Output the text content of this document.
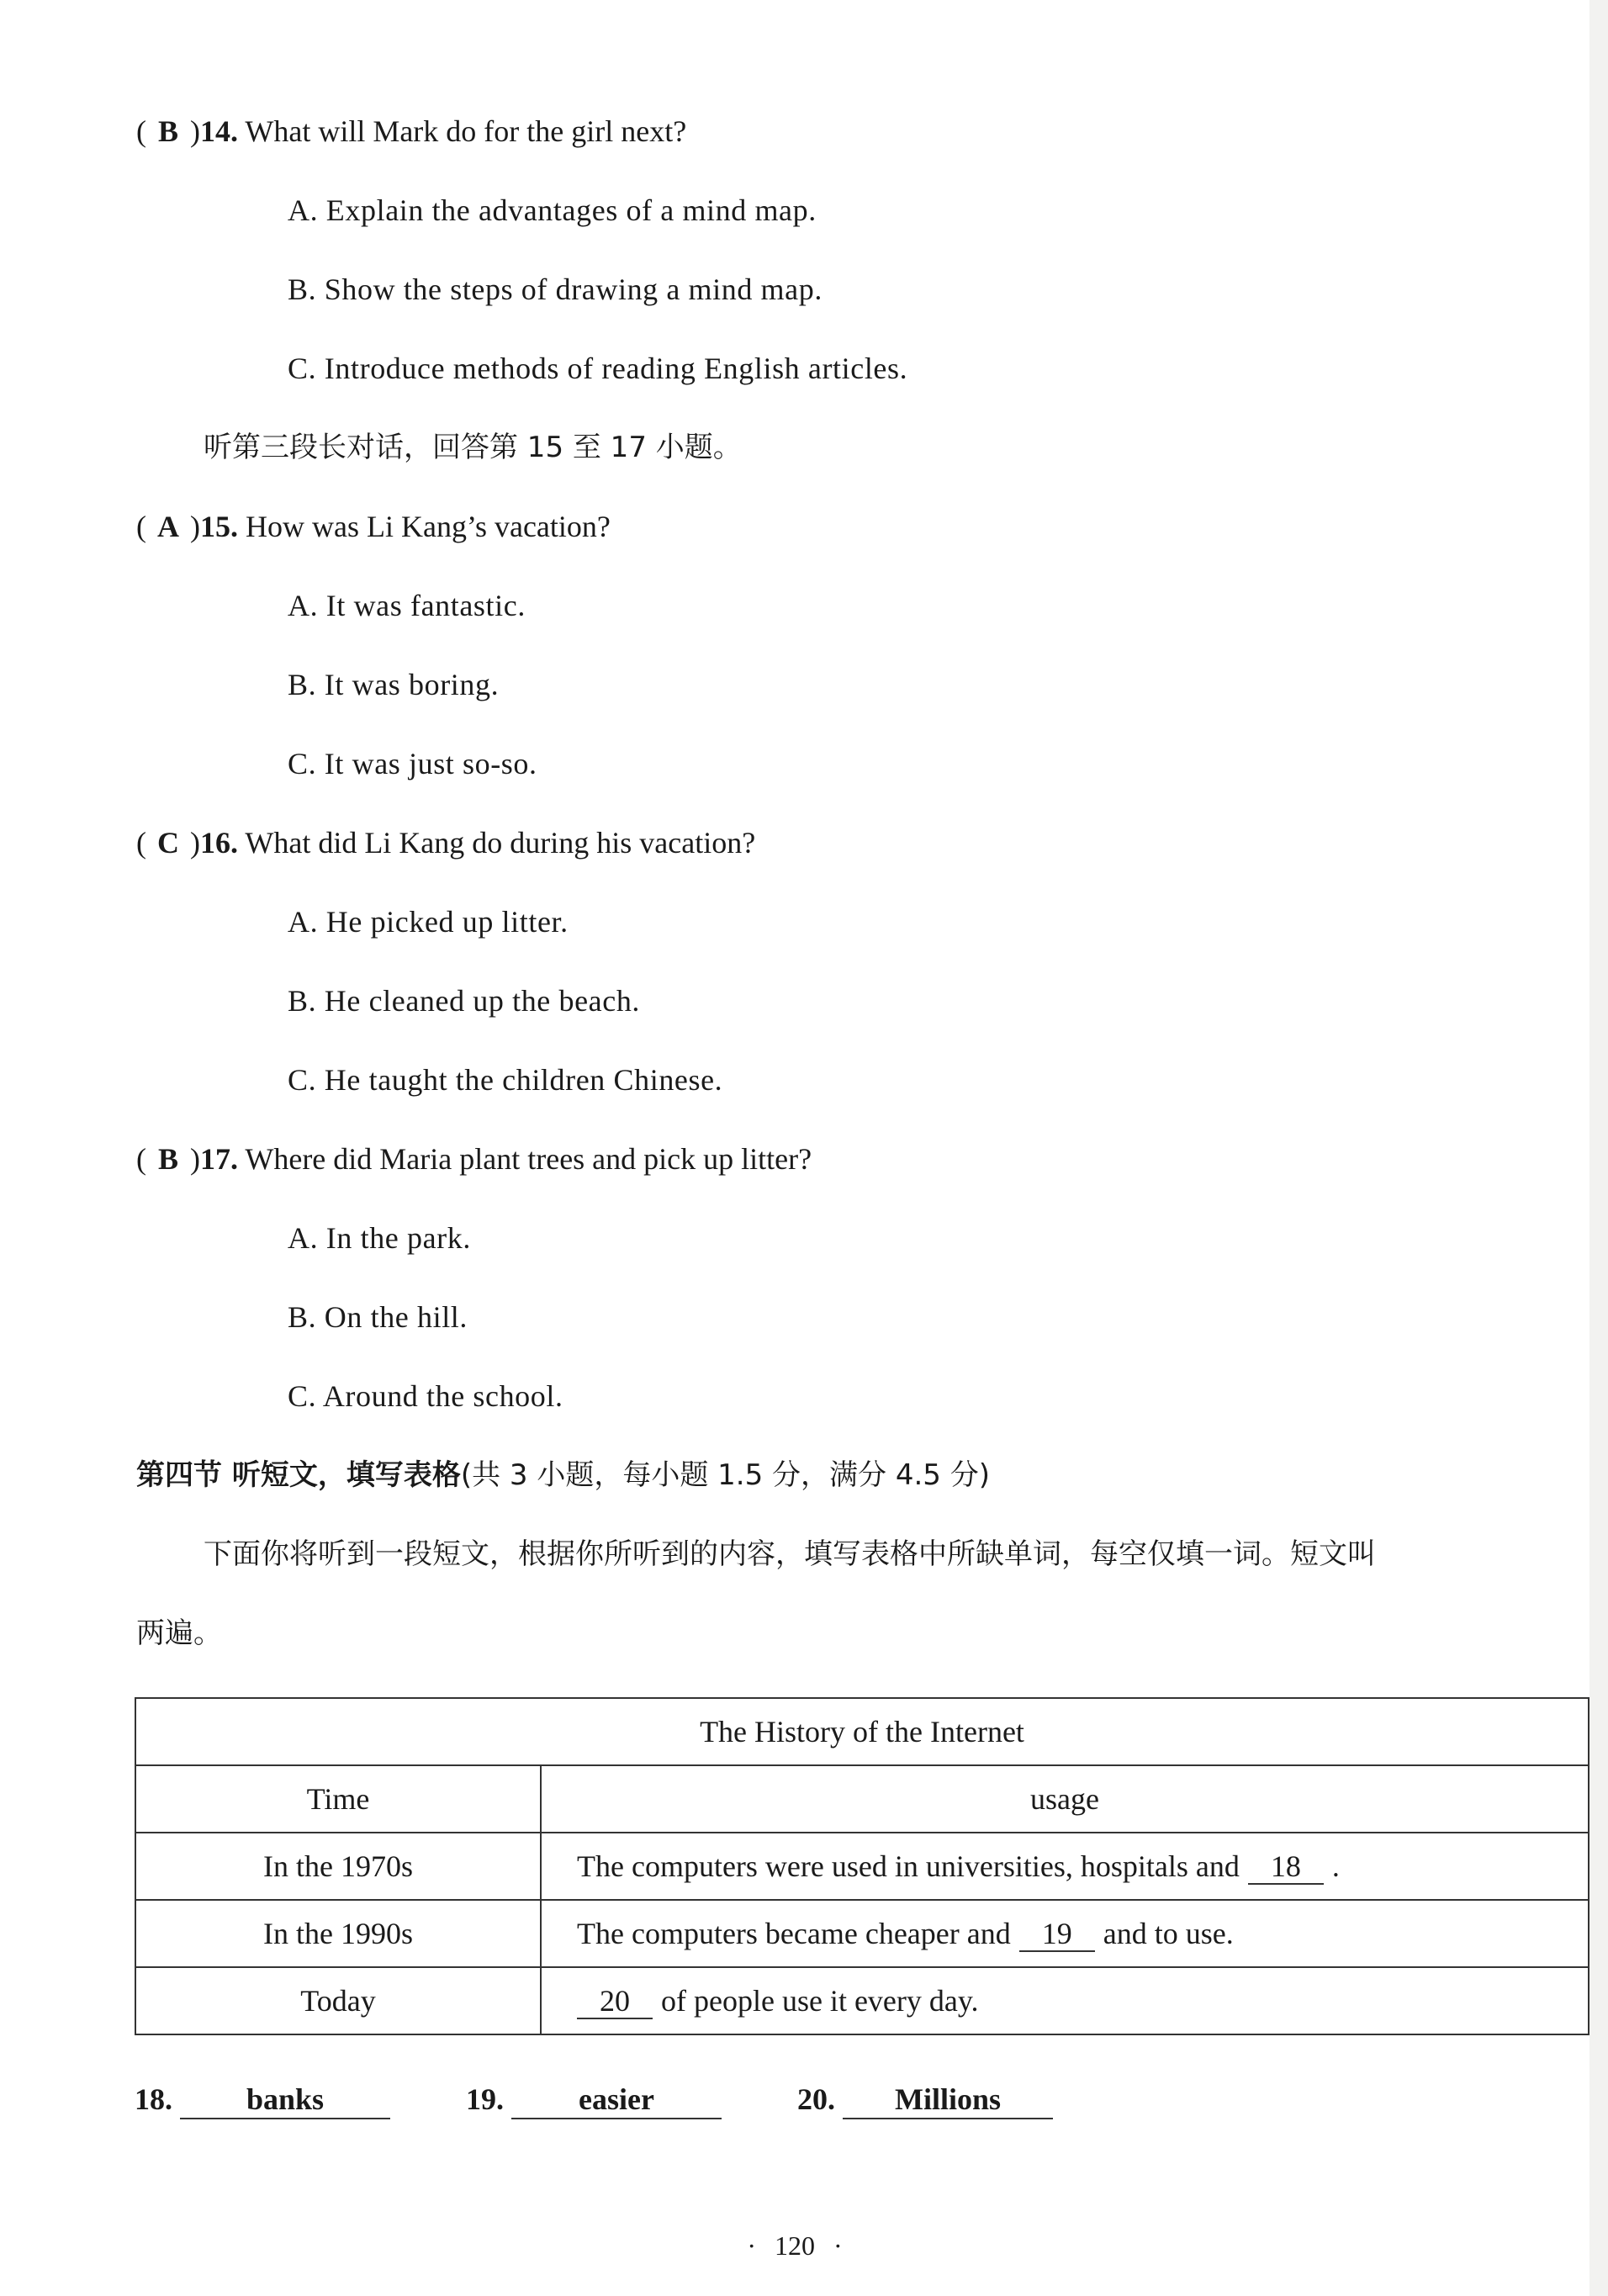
( B )14. What will Mark do for the girl next?
A. Explain the advantages of a mind map.
B. Show the steps of drawing a mind map.
C. Introduce methods of reading English articles.
听第三段长对话，回答第 15 至 17 小题。
( A )15. How was Li Kang’s vacation?
A. It was fantastic.
B. It was boring.
C. It was just so-so.
( C )16. What did Li Kang do during his vacation?
A. He picked up litter.
B. He cleaned up the beach.
C. He taught the children Chinese.
( B )17. Where did Maria plant trees and pick up litter?
A. In the park.
B. On the hill.
C. Around the school.
第四节 听短文，填写表格(共 3 小题，每小题 1.5 分，满分 4.5 分)
下面你将听到一段短文，根据你所听到的内容，填写表格中所缺单词，每空仅填一词。短文叫
两遍。
The History of the Internet	
Time	usage
In the 1970s	The computers were used in universities, hospitals and 18 .
In the 1990s	The computers became cheaper and 19 and to use.
Today	20 of people use it every day.
18. banks	19. easier	20. Millions
· 120 ·
